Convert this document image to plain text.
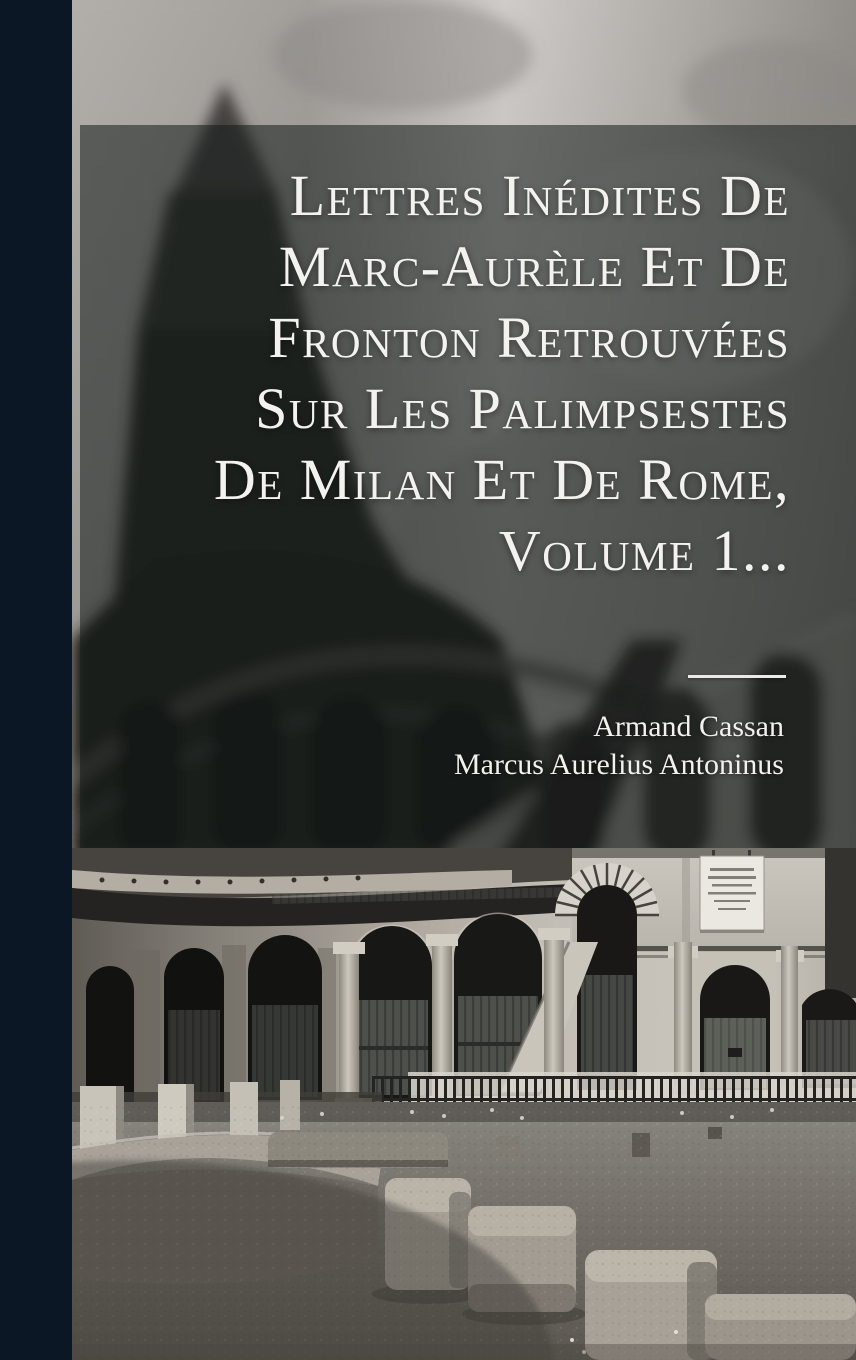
Lettres Inédites De
Marc-Aurèle Et De
Fronton Retrouvées
Sur Les Palimpsestes
De Milan Et De Rome,
Volume 1...
Armand Cassan
Marcus Aurelius Antoninus
